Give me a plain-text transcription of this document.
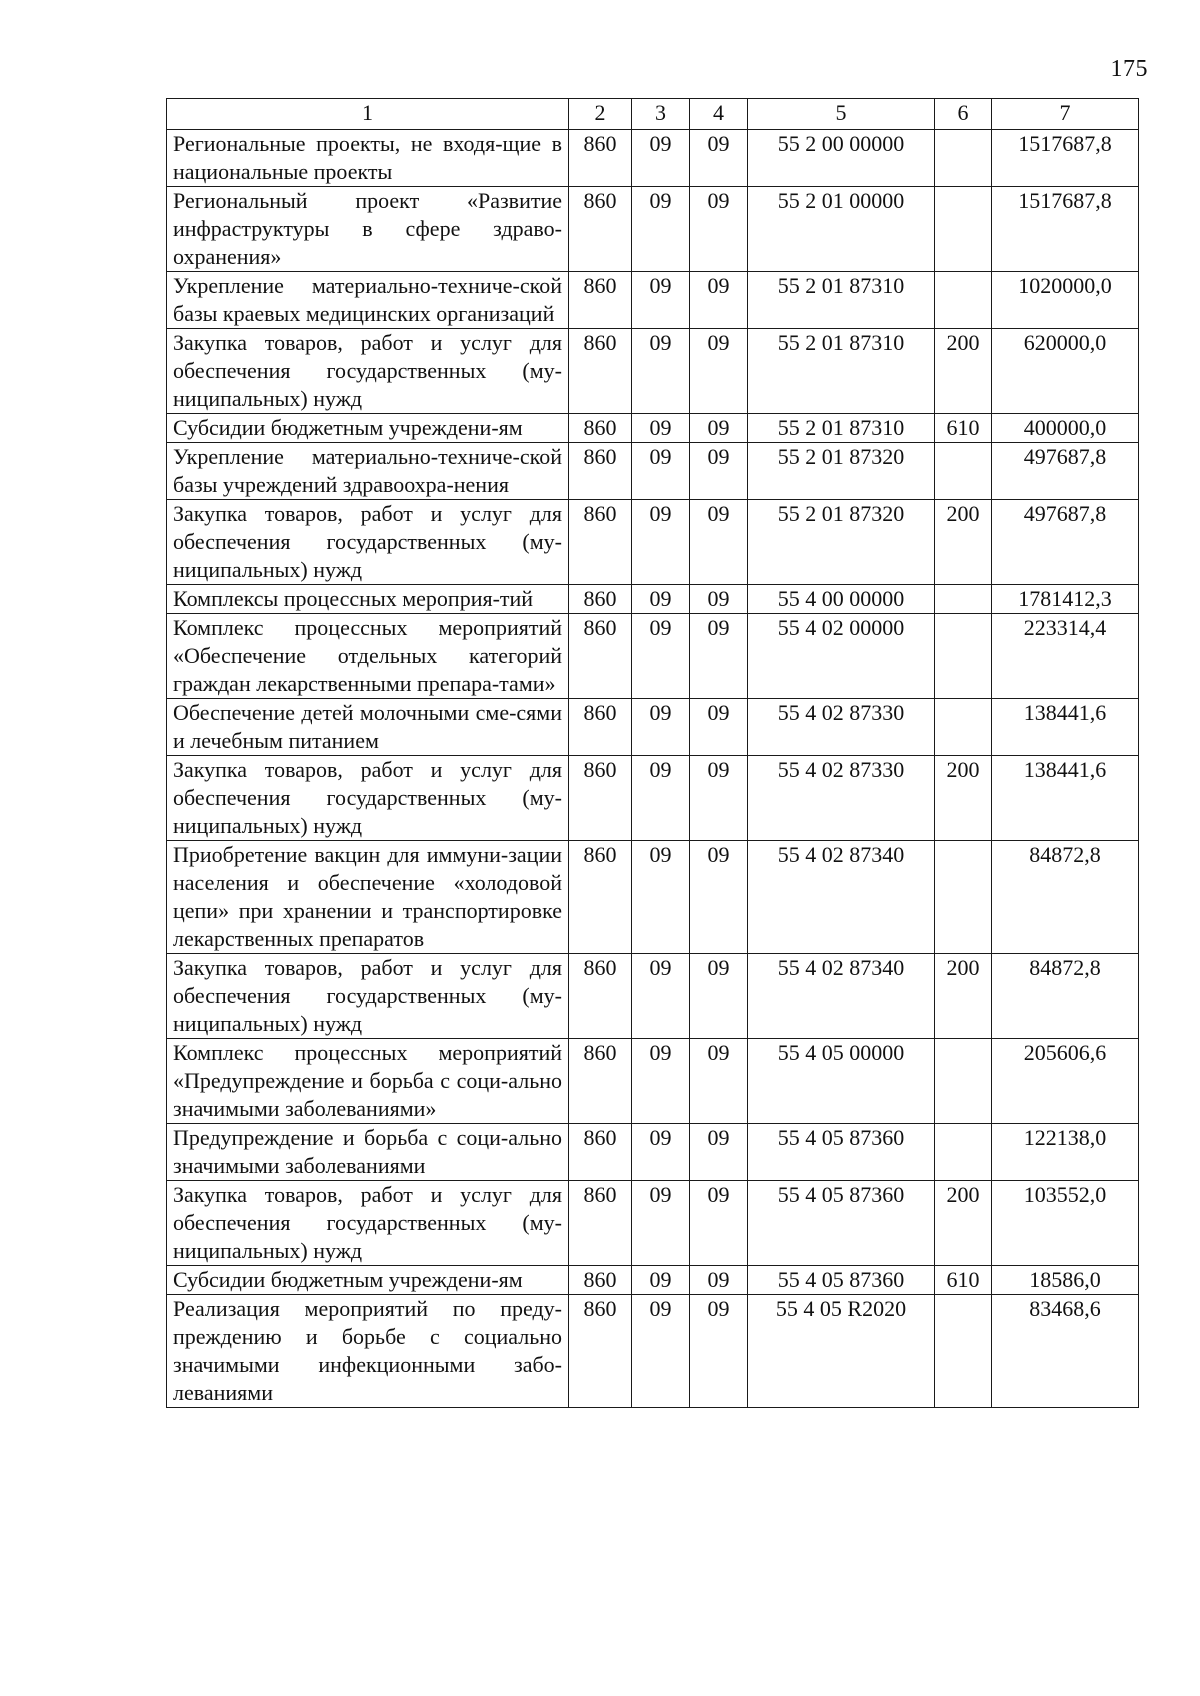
175
1	2	3	4	5	6	7
Региональные проекты, не входя-щие в национальные проекты	860	09	09	55 2 00 00000		1517687,8
Региональный проект «Развитие инфраструктуры в сфере здраво-охранения»	860	09	09	55 2 01 00000		1517687,8
Укрепление материально-техниче-ской базы краевых медицинских организаций	860	09	09	55 2 01 87310		1020000,0
Закупка товаров, работ и услуг для обеспечения государственных (му-ниципальных) нужд	860	09	09	55 2 01 87310	200	620000,0
Субсидии бюджетным учреждени-ям	860	09	09	55 2 01 87310	610	400000,0
Укрепление материально-техниче-ской базы учреждений здравоохра-нения	860	09	09	55 2 01 87320		497687,8
Закупка товаров, работ и услуг для обеспечения государственных (му-ниципальных) нужд	860	09	09	55 2 01 87320	200	497687,8
Комплексы процессных мероприя-тий	860	09	09	55 4 00 00000		1781412,3
Комплекс процессных мероприятий «Обеспечение отдельных категорий граждан лекарственными препара-тами»	860	09	09	55 4 02 00000		223314,4
Обеспечение детей молочными сме-сями и лечебным питанием	860	09	09	55 4 02 87330		138441,6
Закупка товаров, работ и услуг для обеспечения государственных (му-ниципальных) нужд	860	09	09	55 4 02 87330	200	138441,6
Приобретение вакцин для иммуни-зации населения и обеспечение «холодовой цепи» при хранении и транспортировке лекарственных препаратов	860	09	09	55 4 02 87340		84872,8
Закупка товаров, работ и услуг для обеспечения государственных (му-ниципальных) нужд	860	09	09	55 4 02 87340	200	84872,8
Комплекс процессных мероприятий «Предупреждение и борьба с соци-ально значимыми заболеваниями»	860	09	09	55 4 05 00000		205606,6
Предупреждение и борьба с соци-ально значимыми заболеваниями	860	09	09	55 4 05 87360		122138,0
Закупка товаров, работ и услуг для обеспечения государственных (му-ниципальных) нужд	860	09	09	55 4 05 87360	200	103552,0
Субсидии бюджетным учреждени-ям	860	09	09	55 4 05 87360	610	18586,0
Реализация мероприятий по преду-преждению и борьбе с социально значимыми инфекционными забо-леваниями	860	09	09	55 4 05 R2020		83468,6
